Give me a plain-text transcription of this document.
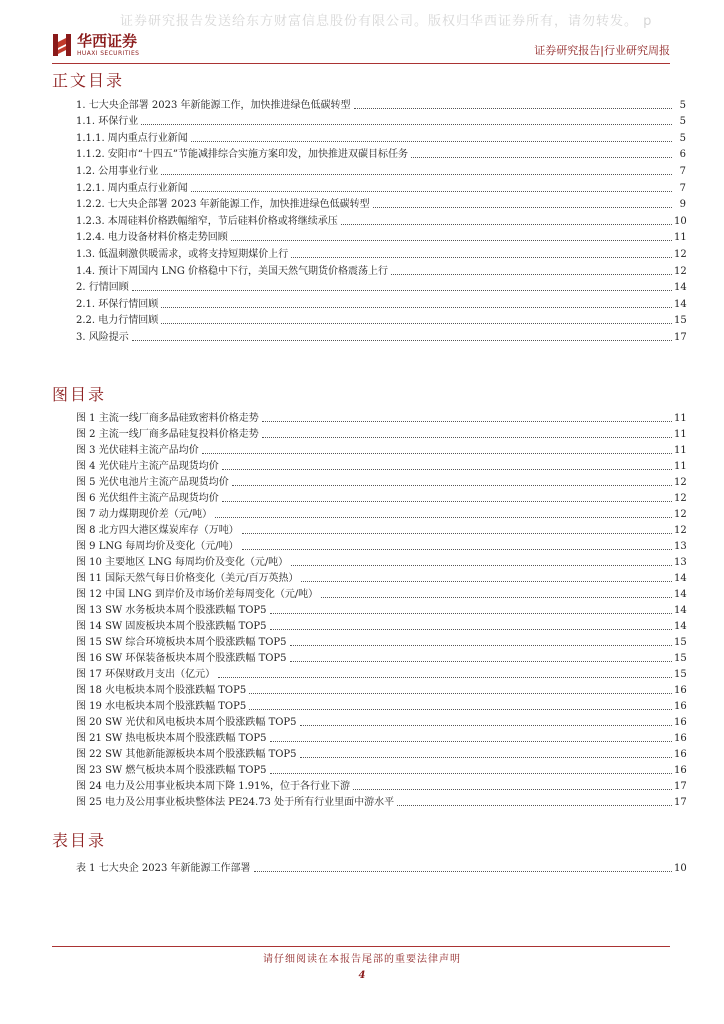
证券研究报告发送给东方财富信息股份有限公司。版权归华西证券所有，请勿转发。 p
华西证券
HUAXI SECURITIES	证券研究报告|行业研究周报
正文目录
1. 七大央企部署 2023 年新能源工作，加快推进绿色低碳转型	5
1.1. 环保行业	5
1.1.1. 周内重点行业新闻	5
1.1.2. 安阳市“十四五”节能减排综合实施方案印发，加快推进双碳目标任务	6
1.2. 公用事业行业	7
1.2.1. 周内重点行业新闻	7
1.2.2. 七大央企部署 2023 年新能源工作，加快推进绿色低碳转型	9
1.2.3. 本周硅料价格跌幅缩窄，节后硅料价格或将继续承压	10
1.2.4. 电力设备材料价格走势回顾	11
1.3. 低温刺激供暖需求，或将支持短期煤价上行	12
1.4. 预计下周国内 LNG 价格稳中下行，美国天然气期货价格震荡上行	12
2. 行情回顾	14
2.1. 环保行情回顾	14
2.2. 电力行情回顾	15
3. 风险提示	17
图目录
图 1 主流一线厂商多晶硅致密料价格走势	11
图 2 主流一线厂商多晶硅复投料价格走势	11
图 3 光伏硅料主流产品均价	11
图 4 光伏硅片主流产品现货均价	11
图 5 光伏电池片主流产品现货均价	12
图 6 光伏组件主流产品现货均价	12
图 7 动力煤期现价差（元/吨）	12
图 8 北方四大港区煤炭库存（万吨）	12
图 9 LNG 每周均价及变化（元/吨）	13
图 10 主要地区 LNG 每周均价及变化（元/吨）	13
图 11 国际天然气每日价格变化（美元/百万英热）	14
图 12 中国 LNG 到岸价及市场价差每周变化（元/吨）	14
图 13 SW 水务板块本周个股涨跌幅 TOP5	14
图 14 SW 固废板块本周个股涨跌幅 TOP5	14
图 15 SW 综合环境板块本周个股涨跌幅 TOP5	15
图 16 SW 环保装备板块本周个股涨跌幅 TOP5	15
图 17 环保财政月支出（亿元）	15
图 18 火电板块本周个股涨跌幅 TOP5	16
图 19 水电板块本周个股涨跌幅 TOP5	16
图 20 SW 光伏和风电板块本周个股涨跌幅 TOP5	16
图 21 SW 热电板块本周个股涨跌幅 TOP5	16
图 22 SW 其他新能源板块本周个股涨跌幅 TOP5	16
图 23 SW 燃气板块本周个股涨跌幅 TOP5	16
图 24 电力及公用事业板块本周下降 1.91%，位于各行业下游	17
图 25 电力及公用事业板块整体法 PE24.73 处于所有行业里面中游水平	17
表目录
表 1 七大央企 2023 年新能源工作部署	10
请仔细阅读在本报告尾部的重要法律声明
4
